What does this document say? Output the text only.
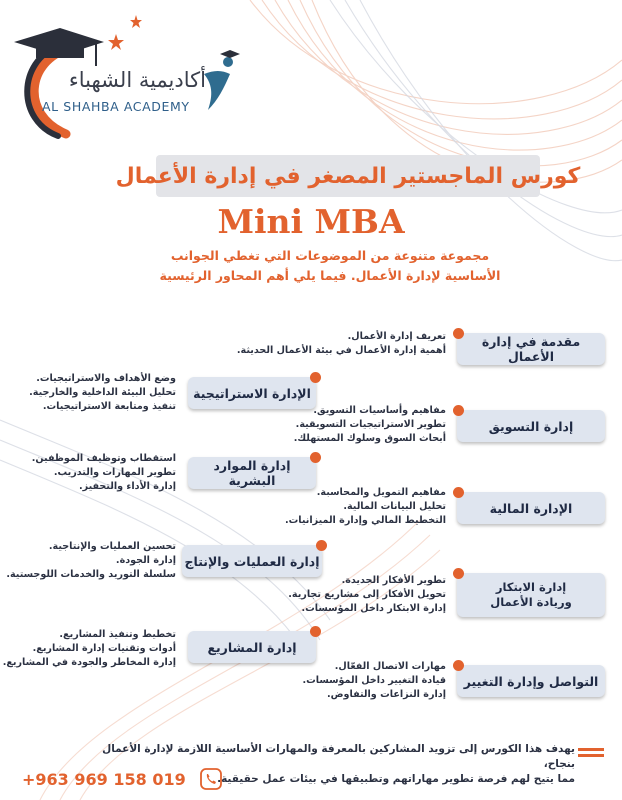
أكاديمية الشهباء
AL SHAHBA ACADEMY
كورس الماجستير المصغر في إدارة الأعمال
Mini MBA
مجموعة متنوعة من الموضوعات التي تغطي الجوانب
الأساسية لإدارة الأعمال. فيما يلي أهم المحاور الرئيسية
مقدمة في إدارة الأعمال
تعريف إدارة الأعمال.
أهمية إدارة الأعمال في بيئة الأعمال الحديثة.
الإدارة الاستراتيجية
وضع الأهداف والاستراتيجيات.
تحليل البيئة الداخلية والخارجية.
تنفيذ ومتابعة الاستراتيجيات.
إدارة التسويق
مفاهيم وأساسيات التسويق.
تطوير الاستراتيجيات التسويقية.
أبحاث السوق وسلوك المستهلك.
إدارة الموارد البشرية
استقطاب وتوظيف الموظفين.
تطوير المهارات والتدريب.
إدارة الأداء والتحفيز.
الإدارة المالية
مفاهيم التمويل والمحاسبة.
تحليل البيانات المالية.
التخطيط المالي وإدارة الميزانيات.
إدارة العمليات والإنتاج
تحسين العمليات والإنتاجية.
إدارة الجودة.
سلسلة التوريد والخدمات اللوجستية.
إدارة الابتكار
وريادة الأعمال
تطوير الأفكار الجديدة.
تحويل الأفكار إلى مشاريع تجارية.
إدارة الابتكار داخل المؤسسات.
إدارة المشاريع
تخطيط وتنفيذ المشاريع.
أدوات وتقنيات إدارة المشاريع.
إدارة المخاطر والجودة في المشاريع.
التواصل وإدارة التغيير
مهارات الاتصال الفعّال.
قيادة التغيير داخل المؤسسات.
إدارة النزاعات والتفاوض.
يهدف هذا الكورس إلى تزويد المشاركين بالمعرفة والمهارات الأساسية اللازمة لإدارة الأعمال بنجاح،
مما يتيح لهم فرصة تطوير مهاراتهم وتطبيقها في بيئات عمل حقيقية.
+963 969 158 019
